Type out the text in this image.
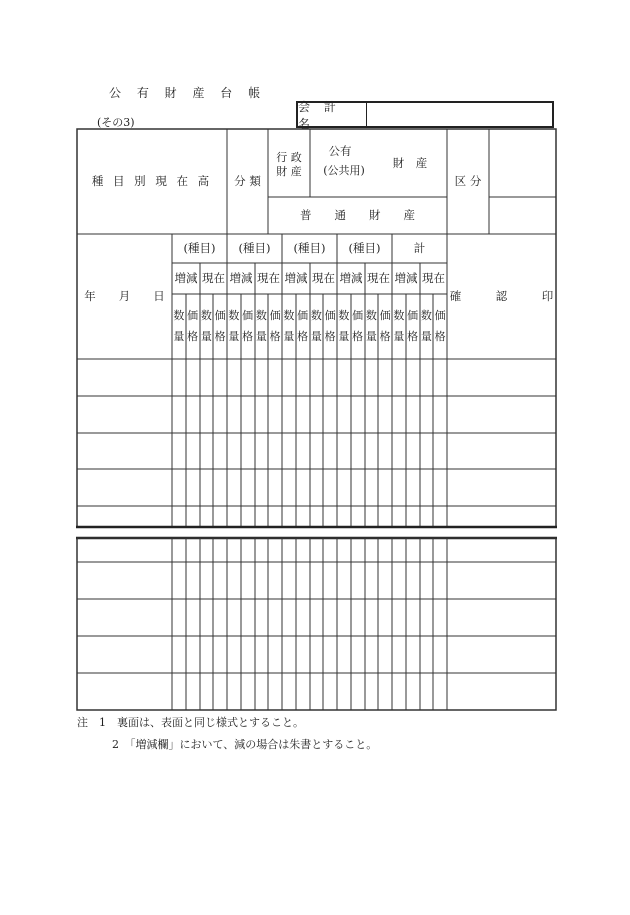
公 有 財 産 台 帳
(その3)
会 計 名
種 目 別 現 在 高	分 類
行 政
財 産
公有
(公共用)
財　産
普　　通　　財　　産
区 分
年　　月　　日	確　　　認　　　印
(種目)
増減 現在
数量
価格
数量
価格
(種目)
増減 現在
数量
価格
数量
価格
(種目)
増減 現在
数量
価格
数量
価格
(種目)
増減 現在
数量
価格
数量
価格
計
増減 現在
数量
価格
数量
価格
注　1　裏面は、表面と同じ様式とすること。
2　「増減欄」において、減の場合は朱書とすること。
